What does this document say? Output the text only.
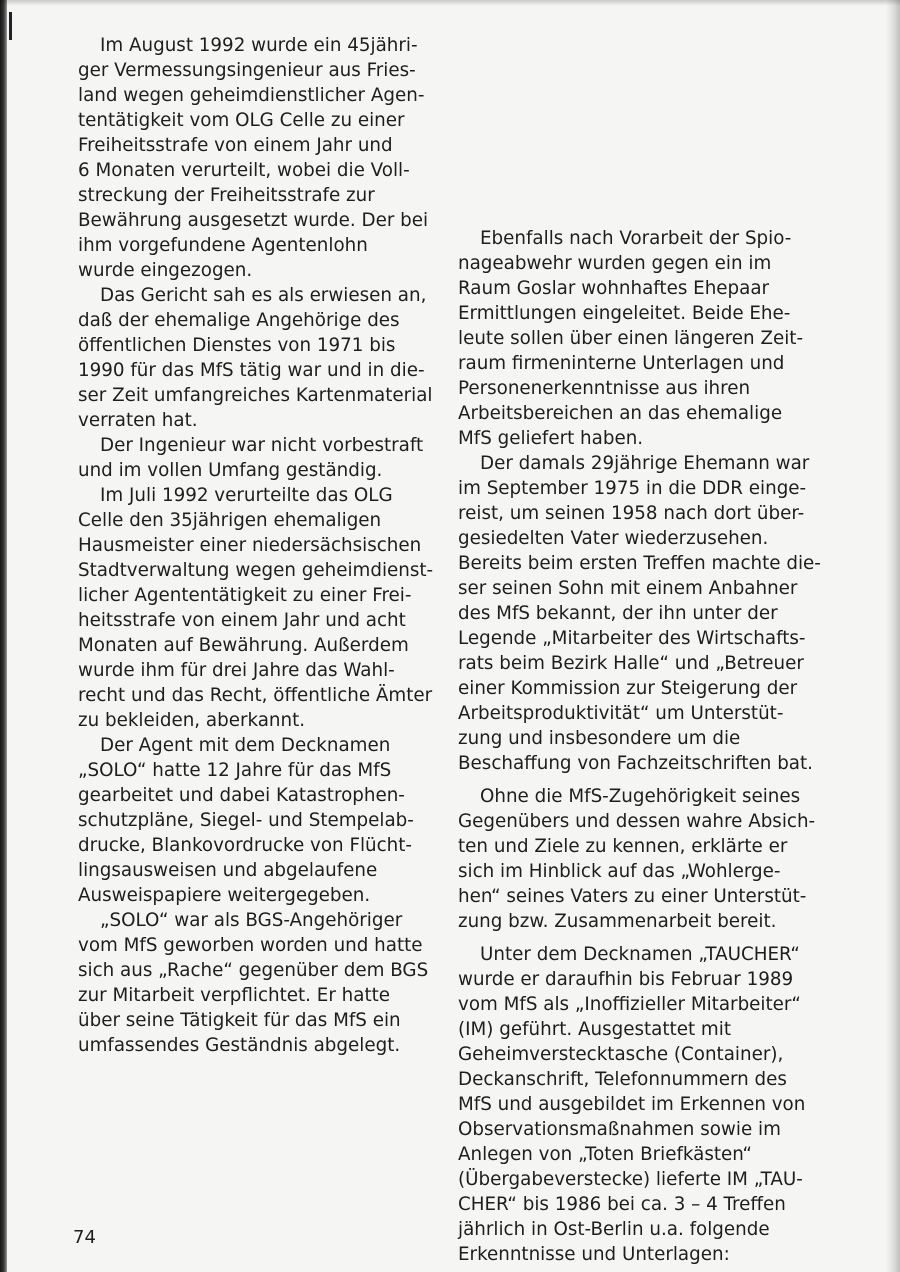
Im August 1992 wurde ein 45jähri-
ger Vermessungsingenieur aus Fries-
land wegen geheimdienstlicher Agen-
tentätigkeit vom OLG Celle zu einer
Freiheitsstrafe von einem Jahr und
6 Monaten verurteilt, wobei die Voll-
streckung der Freiheitsstrafe zur
Bewährung ausgesetzt wurde. Der bei
ihm vorgefundene Agentenlohn
wurde eingezogen.
Das Gericht sah es als erwiesen an,
daß der ehemalige Angehörige des
öffentlichen Dienstes von 1971 bis
1990 für das MfS tätig war und in die-
ser Zeit umfangreiches Kartenmaterial
verraten hat.
Der Ingenieur war nicht vorbestraft
und im vollen Umfang geständig.
Im Juli 1992 verurteilte das OLG
Celle den 35jährigen ehemaligen
Hausmeister einer niedersächsischen
Stadtverwaltung wegen geheimdienst-
licher Agententätigkeit zu einer Frei-
heitsstrafe von einem Jahr und acht
Monaten auf Bewährung. Außerdem
wurde ihm für drei Jahre das Wahl-
recht und das Recht, öffentliche Ämter
zu bekleiden, aberkannt.
Der Agent mit dem Decknamen
„SOLO“ hatte 12 Jahre für das MfS
gearbeitet und dabei Katastrophen-
schutzpläne, Siegel- und Stempelab-
drucke, Blankovordrucke von Flücht-
lingsausweisen und abgelaufene
Ausweispapiere weitergegeben.
„SOLO“ war als BGS-Angehöriger
vom MfS geworben worden und hatte
sich aus „Rache“ gegenüber dem BGS
zur Mitarbeit verpflichtet. Er hatte
über seine Tätigkeit für das MfS ein
umfassendes Geständnis abgelegt.
Ebenfalls nach Vorarbeit der Spio-
nageabwehr wurden gegen ein im
Raum Goslar wohnhaftes Ehepaar
Ermittlungen eingeleitet. Beide Ehe-
leute sollen über einen längeren Zeit-
raum firmeninterne Unterlagen und
Personenerkenntnisse aus ihren
Arbeitsbereichen an das ehemalige
MfS geliefert haben.
Der damals 29jährige Ehemann war
im September 1975 in die DDR einge-
reist, um seinen 1958 nach dort über-
gesiedelten Vater wiederzusehen.
Bereits beim ersten Treffen machte die-
ser seinen Sohn mit einem Anbahner
des MfS bekannt, der ihn unter der
Legende „Mitarbeiter des Wirtschafts-
rats beim Bezirk Halle“ und „Betreuer
einer Kommission zur Steigerung der
Arbeitsproduktivität“ um Unterstüt-
zung und insbesondere um die
Beschaffung von Fachzeitschriften bat.
Ohne die MfS-Zugehörigkeit seines
Gegenübers und dessen wahre Absich-
ten und Ziele zu kennen, erklärte er
sich im Hinblick auf das „Wohlerge-
hen“ seines Vaters zu einer Unterstüt-
zung bzw. Zusammenarbeit bereit.
Unter dem Decknamen „TAUCHER“
wurde er daraufhin bis Februar 1989
vom MfS als „Inoffizieller Mitarbeiter“
(IM) geführt. Ausgestattet mit
Geheimverstecktasche (Container),
Deckanschrift, Telefonnummern des
MfS und ausgebildet im Erkennen von
Observationsmaßnahmen sowie im
Anlegen von „Toten Briefkästen“
(Übergabeverstecke) lieferte IM „TAU-
CHER“ bis 1986 bei ca. 3 – 4 Treffen
jährlich in Ost-Berlin u.a. folgende
Erkenntnisse und Unterlagen:
74
